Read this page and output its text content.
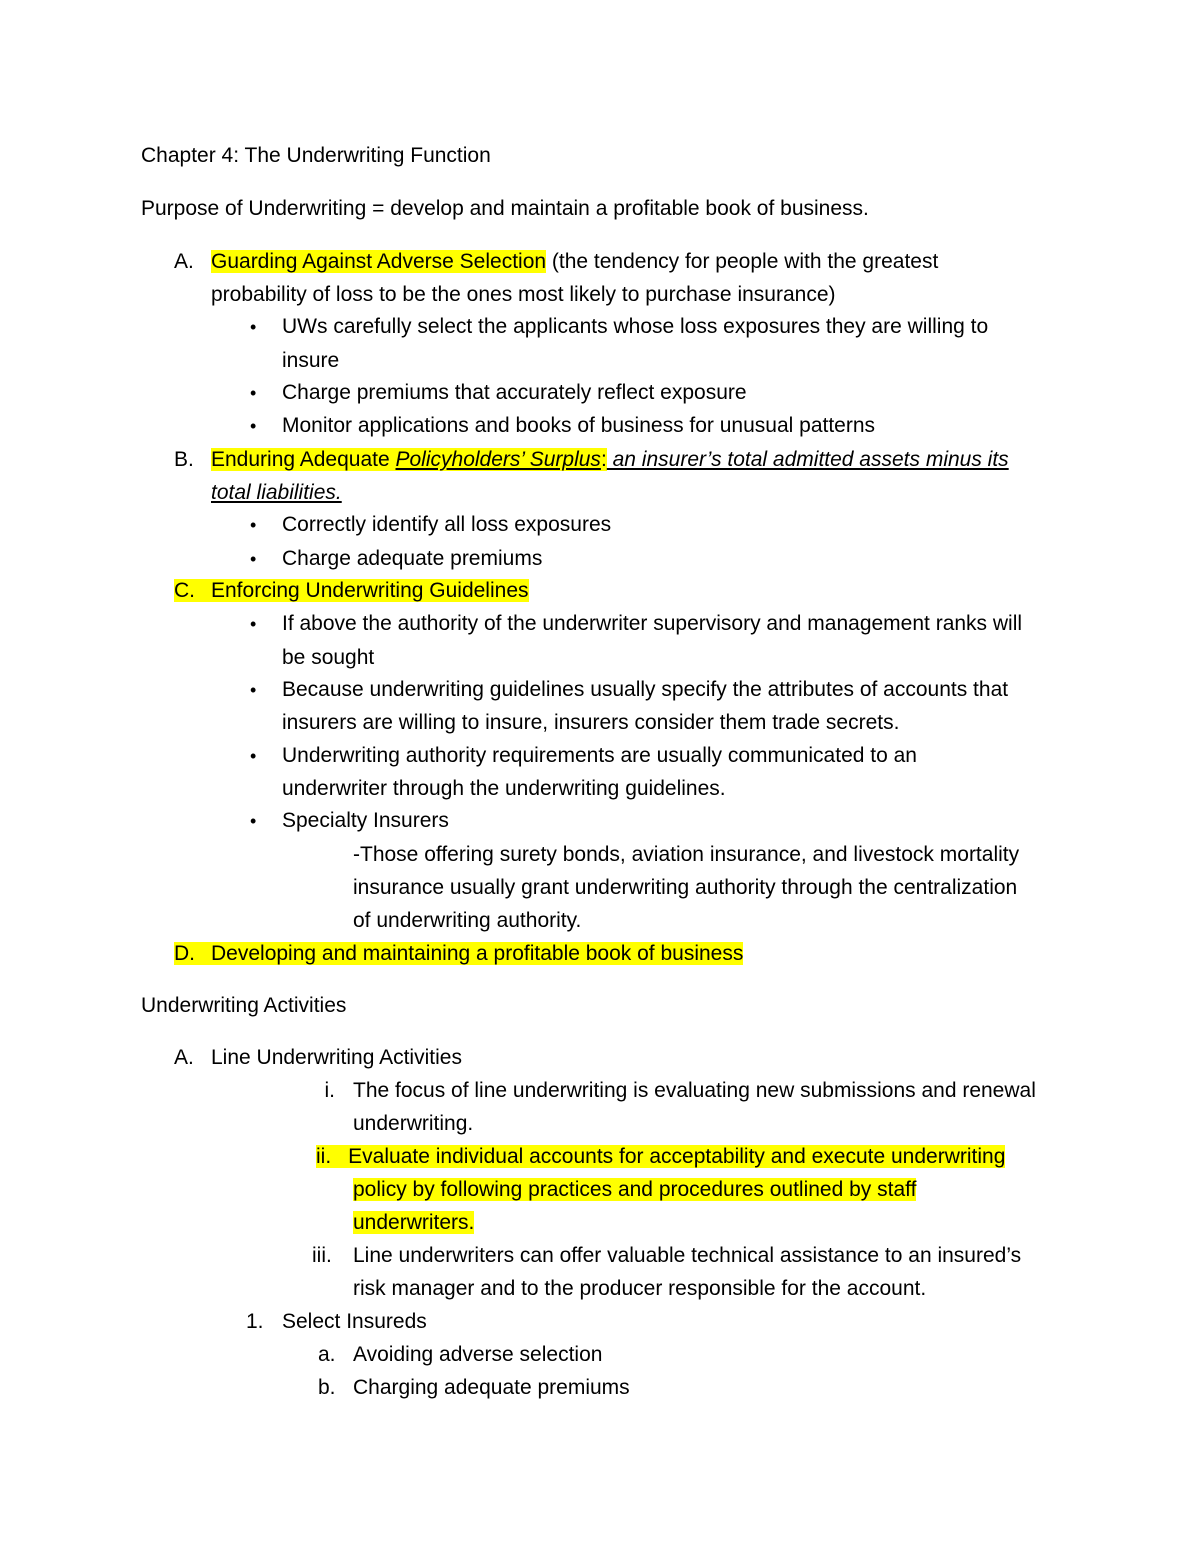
Chapter 4: The Underwriting Function
Purpose of Underwriting = develop and maintain a profitable book of business.
A. Guarding Against Adverse Selection (the tendency for people with the greatest
probability of loss to be the ones most likely to purchase insurance)
• UWs carefully select the applicants whose loss exposures they are willing to
insure
• Charge premiums that accurately reflect exposure
• Monitor applications and books of business for unusual patterns
B. Enduring Adequate Policyholders’ Surplus: an insurer’s total admitted assets minus its
total liabilities.
• Correctly identify all loss exposures
• Charge adequate premiums
C. Enforcing Underwriting Guidelines
• If above the authority of the underwriter supervisory and management ranks will
be sought
• Because underwriting guidelines usually specify the attributes of accounts that
insurers are willing to insure, insurers consider them trade secrets.
• Underwriting authority requirements are usually communicated to an
underwriter through the underwriting guidelines.
• Specialty Insurers
-Those offering surety bonds, aviation insurance, and livestock mortality
insurance usually grant underwriting authority through the centralization
of underwriting authority.
D. Developing and maintaining a profitable book of business
Underwriting Activities
A. Line Underwriting Activities
i. The focus of line underwriting is evaluating new submissions and renewal
underwriting.
ii. Evaluate individual accounts for acceptability and execute underwriting
policy by following practices and procedures outlined by staff
underwriters.
iii. Line underwriters can offer valuable technical assistance to an insured’s
risk manager and to the producer responsible for the account.
1. Select Insureds
a. Avoiding adverse selection
b. Charging adequate premiums
